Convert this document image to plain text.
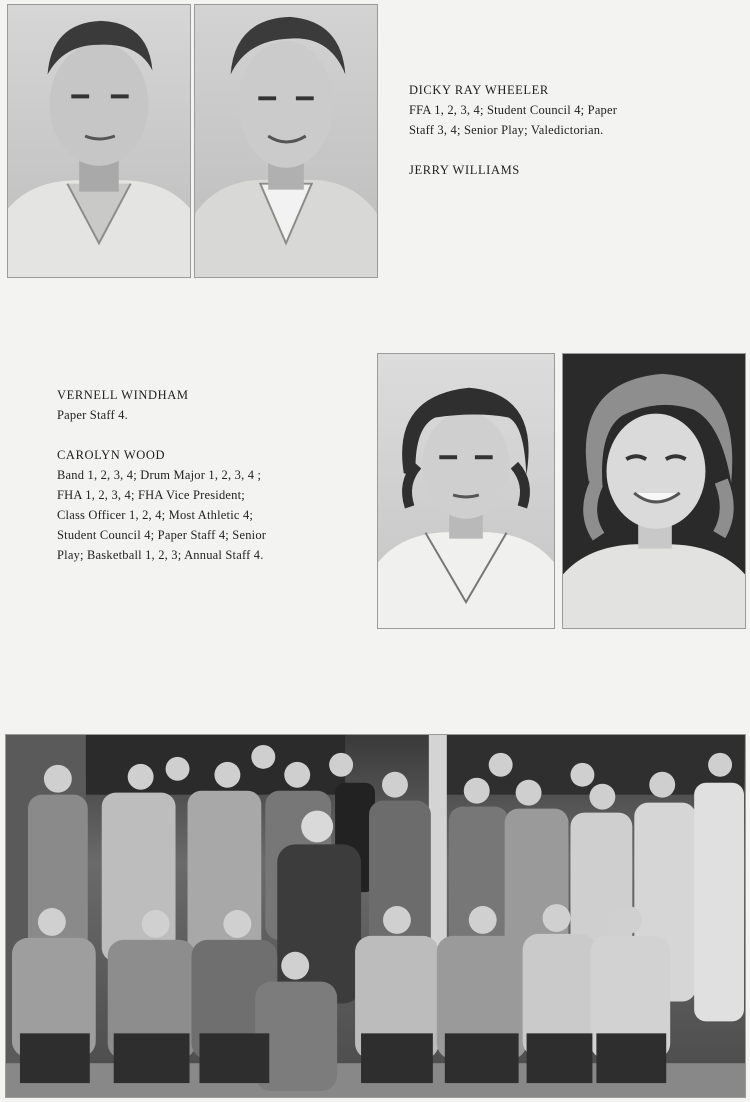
DICKY RAY WHEELER

FFA 1, 2, 3, 4; Student Council 4; Paper

Staff 3, 4; Senior Play; Valedictorian.

JERRY WILLIAMS

VERNELL WINDHAM

Paper Staff 4.

CAROLYN WOOD

Band 1, 2, 3, 4; Drum Major 1, 2, 3, 4 ;

FHA 1, 2, 3, 4; FHA Vice President;

Class Officer 1, 2, 4; Most Athletic 4;

Student Council 4; Paper Staff 4; Senior

Play; Basketball 1, 2, 3; Annual Staff 4.
